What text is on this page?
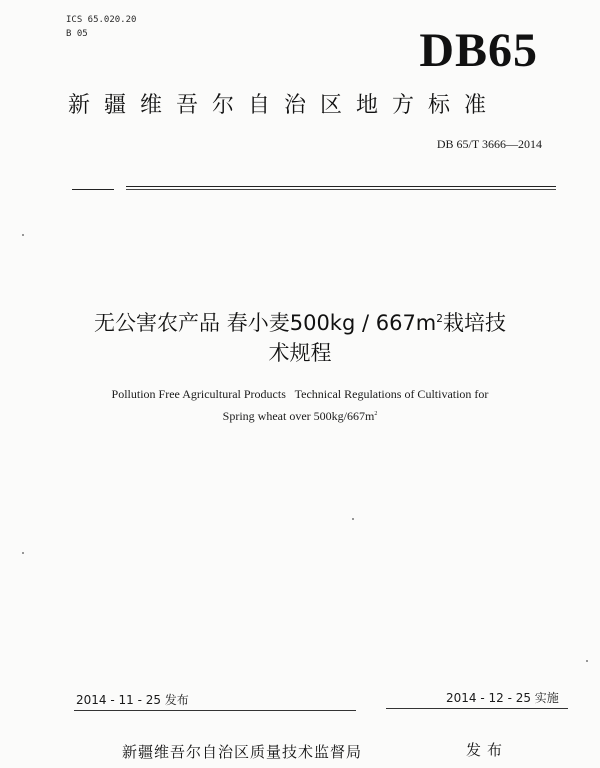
ICS 65.020.20
B 05	DB65
新疆维吾尔自治区地方标准
DB 65/T 3666—2014
无公害农产品 春小麦$500kg / 667m^2$栽培技
术规程
Pollution Free Agricultural Products   Technical Regulations of Cultivation for
Spring wheat over $500kg/667m^2$
2014 - 11 - 25 发布	2014 - 12 - 25 实施
新疆维吾尔自治区质量技术监督局	发布
